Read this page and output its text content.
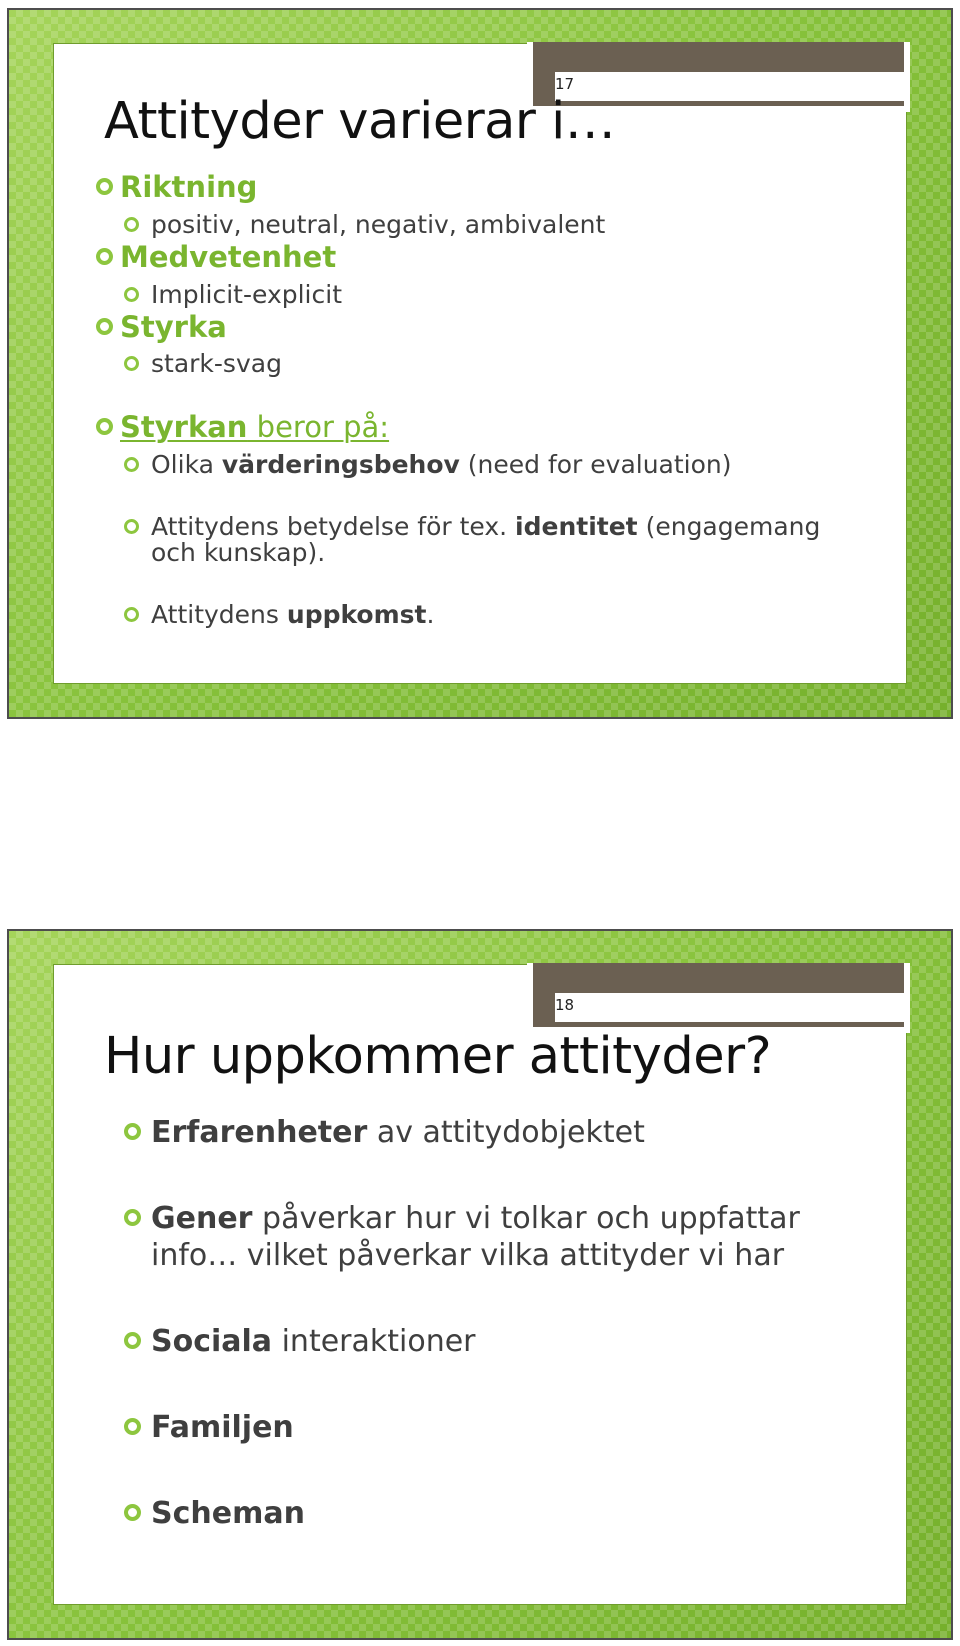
17
Attityder varierar i…
Riktning
positiv, neutral, negativ, ambivalent
Medvetenhet
Implicit-explicit
Styrka
stark-svag
Styrkan beror på:
Olika värderingsbehov (need for evaluation)
Attitydens betydelse för tex. identitet (engagemang
och kunskap).
Attitydens uppkomst.
18
Hur uppkommer attityder?
Erfarenheter av attitydobjektet
Gener påverkar hur vi tolkar och uppfattar
info… vilket påverkar vilka attityder vi har
Sociala interaktioner
Familjen
Scheman
